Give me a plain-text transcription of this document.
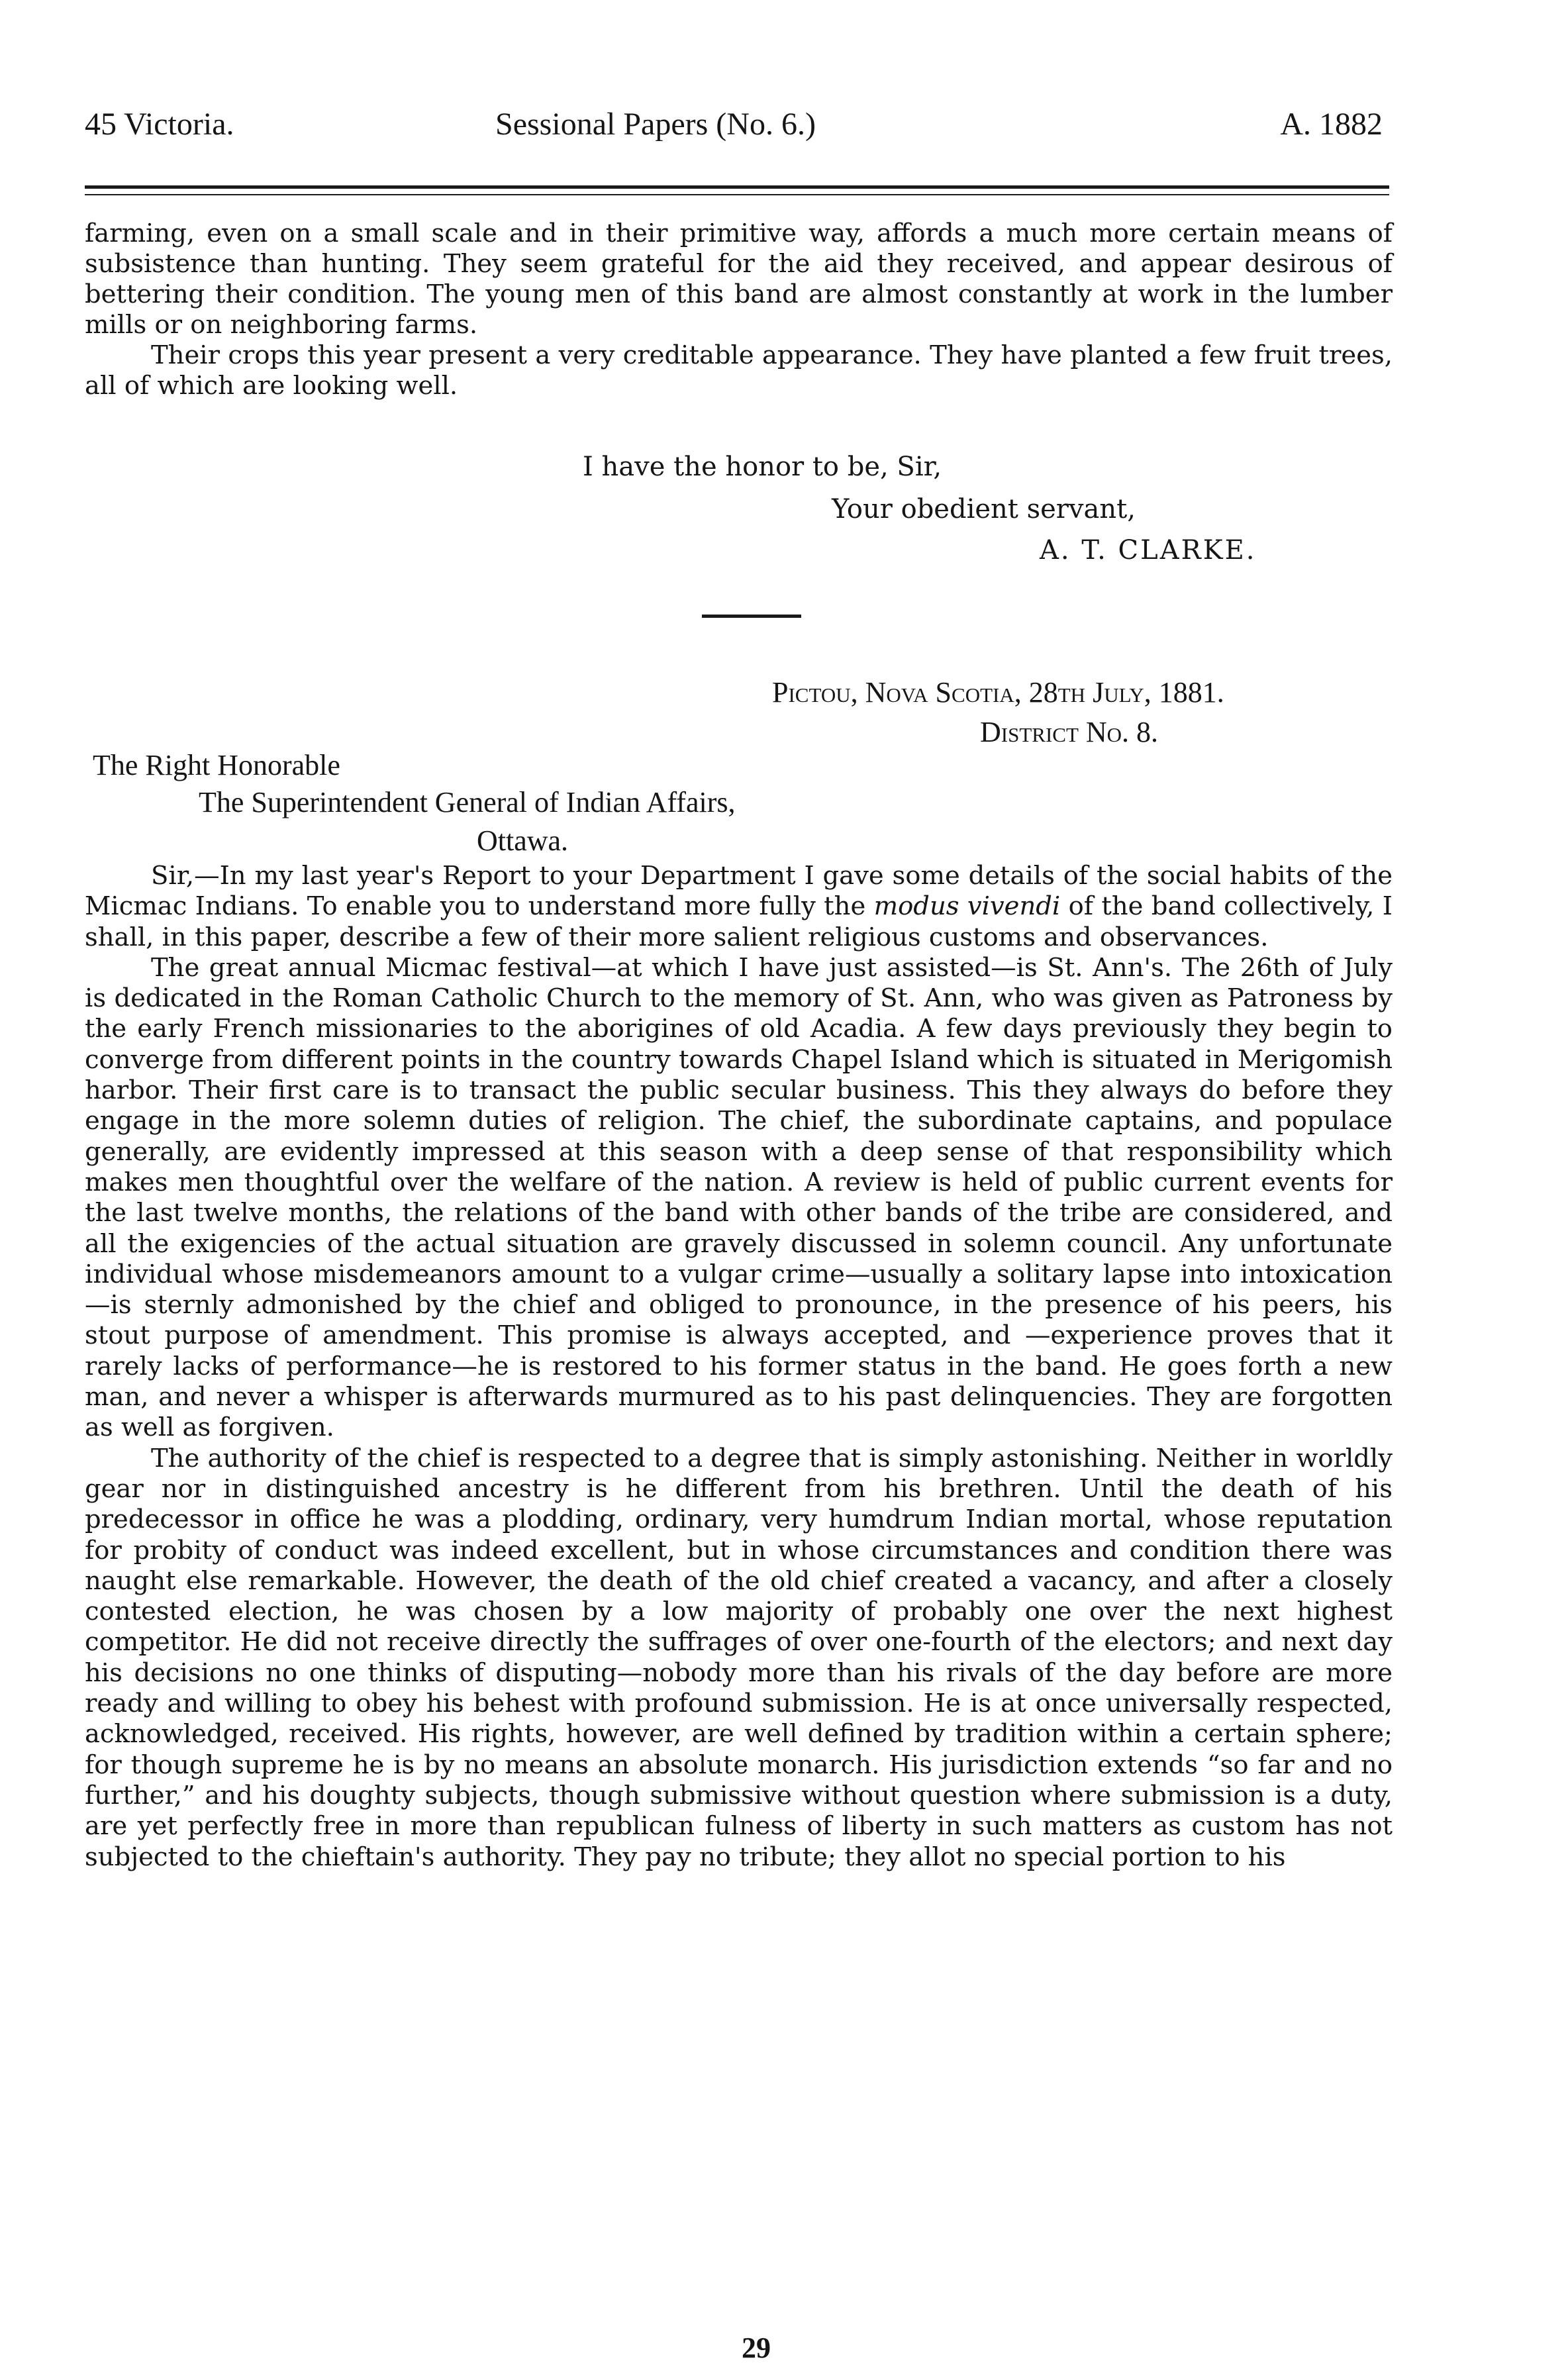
45 Victoria.	Sessional Papers (No. 6.)	A. 1882

farming, even on a small scale and in their primitive way, affords a much more certain means of subsistence than hunting. They seem grateful for the aid they received, and appear desirous of bettering their condition. The young men of this band are almost constantly at work in the lumber mills or on neighboring farms.

Their crops this year present a very creditable appearance. They have planted a few fruit trees, all of which are looking well.

I have the honor to be, Sir,
Your obedient servant,
A. T. CLARKE.
Pictou, Nova Scotia, 28th July, 1881.
District No. 8.
The Right Honorable
The Superintendent General of Indian Affairs,
Ottawa.

Sir,—In my last year's Report to your Department I gave some details of the social habits of the Micmac Indians. To enable you to understand more fully the modus vivendi of the band collectively, I shall, in this paper, describe a few of their more salient religious customs and observances.

The great annual Micmac festival—at which I have just assisted—is St. Ann's. The 26th of July is dedicated in the Roman Catholic Church to the memory of St. Ann, who was given as Patroness by the early French missionaries to the aborigines of old Acadia. A few days previously they begin to converge from different points in the country towards Chapel Island which is situated in Merigomish harbor. Their first care is to transact the public secular business. This they always do before they engage in the more solemn duties of religion. The chief, the subordinate captains, and populace generally, are evidently impressed at this season with a deep sense of that responsibility which makes men thoughtful over the welfare of the nation. A review is held of public current events for the last twelve months, the relations of the band with other bands of the tribe are considered, and all the exigencies of the actual situation are gravely discussed in solemn council. Any unfortunate individual whose misdemeanors amount to a vulgar crime—usually a solitary lapse into intoxication—is sternly admonished by the chief and obliged to pronounce, in the presence of his peers, his stout purpose of amendment. This promise is always accepted, and —experience proves that it rarely lacks of performance—he is restored to his former status in the band. He goes forth a new man, and never a whisper is afterwards murmured as to his past delinquencies. They are forgotten as well as forgiven.

The authority of the chief is respected to a degree that is simply astonishing. Neither in worldly gear nor in distinguished ancestry is he different from his brethren. Until the death of his predecessor in office he was a plodding, ordinary, very humdrum Indian mortal, whose reputation for probity of conduct was indeed excellent, but in whose circumstances and condition there was naught else remarkable. However, the death of the old chief created a vacancy, and after a closely contested election, he was chosen by a low majority of probably one over the next highest competitor. He did not receive directly the suffrages of over one-fourth of the electors; and next day his decisions no one thinks of disputing—nobody more than his rivals of the day before are more ready and willing to obey his behest with profound submission. He is at once universally respected, acknowledged, received. His rights, however, are well defined by tradition within a certain sphere; for though supreme he is by no means an absolute monarch. His jurisdiction extends “so far and no further,” and his doughty subjects, though submissive without question where submission is a duty, are yet perfectly free in more than republican fulness of liberty in such matters as custom has not subjected to the chieftain's authority. They pay no tribute; they allot no special portion to his

29
